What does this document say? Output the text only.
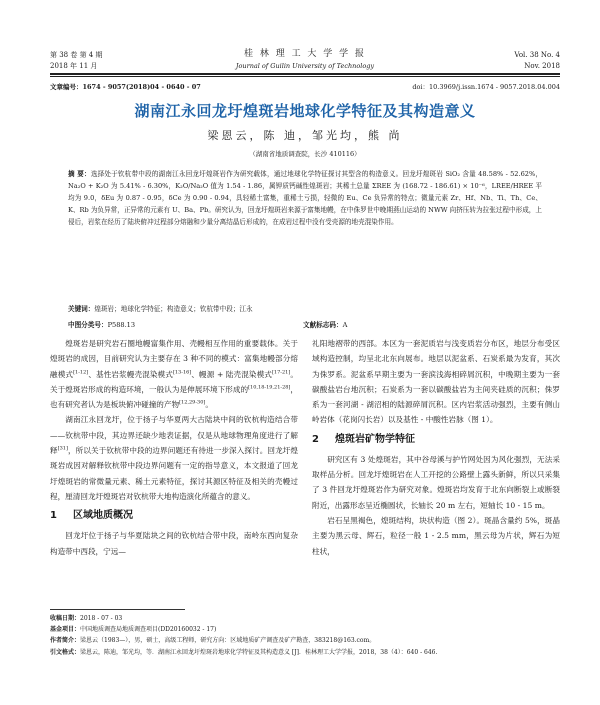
第 38 卷 第 4 期
2018 年 11 月
桂 林 理 工 大 学 学 报
Journal of Guilin University of Technology
Vol. 38 No. 4
Nov. 2018
文章编号：1674 - 9057(2018)04 - 0640 - 07	doi：10.3969/j.issn.1674 - 9057.2018.04.004
湖南江永回龙圩煌斑岩地球化学特征及其构造意义
梁恩云，陈 迪，邹光均，熊 尚
（湖南省地质调查院，长沙 410116）
摘 要：选择处于钦杭带中段的湖南江永回龙圩煌斑岩作为研究载体，通过地球化学特征探讨其型含的构造意义。回龙圩煌斑岩 SiO₂ 含量 48.58% - 52.62%，Na₂O + K₂O 为 5.41% - 6.30%，K₂O/Na₂O 值为 1.54 - 1.86，属钾质钙碱性煌斑岩；其稀土总量 ΣREE 为 (168.72 - 186.61) × 10⁻⁶，LREE/HREE 平均为 9.0，δEu 为 0.87 - 0.95，δCe 为 0.90 - 0.94，具轻稀土富集，重稀土亏损，轻微的 Eu、Ce 负异常的特点；微量元素 Zr、Hf、Nb、Ti、Th、Ce、K、Rb 为负异常，正异常的元素有 U、Ba、Pb。研究认为，回龙圩煌斑岩来源于富集地幔，在中侏罗世中晚期燕山运动的 NWW 向挤压转为拉张过程中形成，上侵后，岩浆在经历了陆块俯冲过程部分熔融和少量分离结晶后形成的，在成岩过程中没有受壳源的地壳混染作用。
关键词：煌斑岩；地球化学特征；构造意义；钦杭带中段；江永
中图分类号：P588.13	文献标志码：A

煌斑岩是研究岩石圈地幔富集作用、壳幔相互作用的重要载体。关于煌斑岩的成因，目前研究认为主要存在 3 种不同的模式：富集地幔部分熔融模式[1-12]、基性岩浆幔壳混染模式[13-16]、幔源 + 陆壳混染模式[17-21]。关于煌斑岩形成的构造环境，一般认为是伸展环境下形成的[10,18-19,21-28]，也有研究者认为是板块俯冲碰撞的产物[12,29-30]。

湖南江永回龙圩，位于扬子与华夏两大古陆块中间的钦杭构造结合带——钦杭带中段，其边界还缺少地表证据，仅是从地球物理角度进行了解释[31]，所以关于钦杭带中段的边界问题还有待进一步深入探讨。回龙圩煌斑岩成因对解释钦杭带中段边界问题有一定的指导意义，本文报道了回龙圩煌斑岩的常微量元素、稀土元素特征，探讨其源区特征及相关的壳幔过程，厘清回龙圩煌斑岩对钦杭带大地构造演化所蕴含的意义。

1 区域地质概况

回龙圩位于扬子与华夏陆块之间的钦杭结合带中段，南岭东西向复杂构造带中西段，宁远—

礼阳地褶带的西部。本区为一套泥质岩与浅变质岩分布区，地层分布受区域构造控制，均呈北北东向展布。地层以泥盆系、石炭系最为发育，其次为侏罗系。泥盆系早期主要为一套滨浅海相碎屑沉积，中晚期主要为一套碳酸盐岩台地沉积；石炭系为一套以碳酸盐岩为主间夹硅质的沉积；侏罗系为一套河湖 - 湖沼相的陆源碎屑沉积。区内岩浆活动强烈，主要有侧山岭岩体（花岗闪长岩）以及基性 - 中酸性岩脉（图 1）。

2 煌斑岩矿物学特征

研究区有 3 处煌斑岩，其中谷母溪与护竹网处因为风化强烈，无法采取样品分析。回龙圩煌斑岩在人工开挖的公路壁上露头新鲜，所以只采集了 3 件回龙圩煌斑岩作为研究对象。煌斑岩均发育于北东向断裂上或断裂附近，出露形态呈近椭圆状，长轴长 20 m 左右，短轴长 10 - 15 m。

岩石呈黑褐色，煌斑结构，块状构造（图 2）。斑晶含量约 5%，斑晶主要为黑云母、辉石，粒径一般 1 - 2.5 mm，黑云母为片状，辉石为短柱状，

收稿日期：2018 - 07 - 03
基金项目：中国地质调查局地质调查项目(DD20160032 - 17)
作者简介：梁恩云（1983—），男，硕士，高级工程师，研究方向：区域地质矿产调查及矿产勘查，383218@163.com。
引文格式：梁恩云，陈迪，邹光均，等．湖南江永回龙圩煌斑岩地球化学特征及其构造意义 [J]．桂林理工大学学报，2018，38（4）：640 - 646.
